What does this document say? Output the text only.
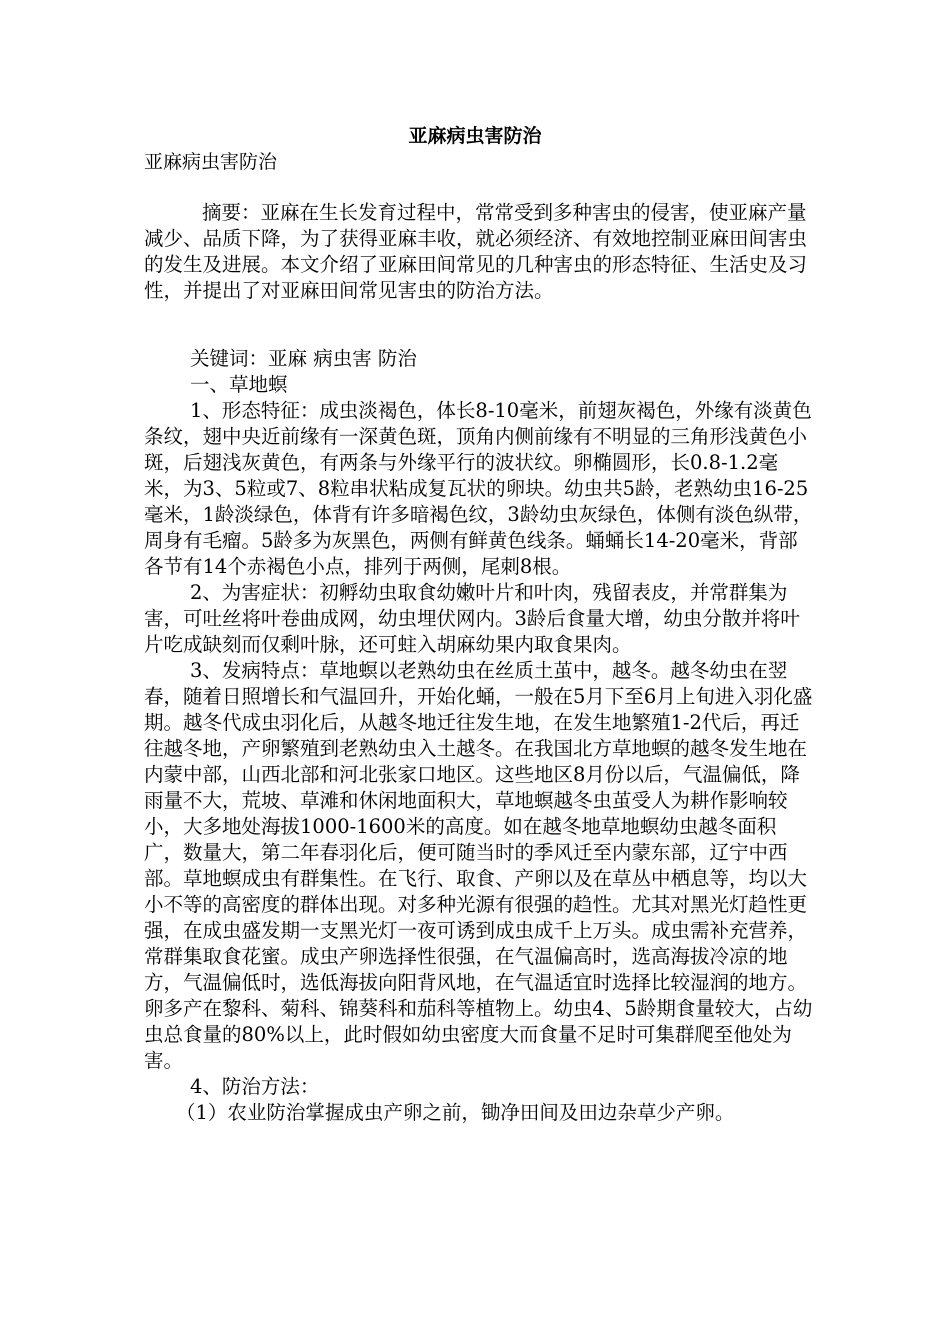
亚麻病虫害防治
亚麻病虫害防治
摘要：亚麻在生长发育过程中，常常受到多种害虫的侵害，使亚麻产量减少、品质下降，为了获得亚麻丰收，就必须经济、有效地控制亚麻田间害虫的发生及进展。本文介绍了亚麻田间常见的几种害虫的形态特征、生活史及习性，并提出了对亚麻田间常见害虫的防治方法。

关键词：亚麻 病虫害 防治

一、草地螟

1、形态特征：成虫淡褐色，体长8-10毫米，前翅灰褐色，外缘有淡黄色条纹，翅中央近前缘有一深黄色斑，顶角内侧前缘有不明显的三角形浅黄色小斑，后翅浅灰黄色，有两条与外缘平行的波状纹。卵椭圆形，长0.8-1.2毫米，为3、5粒或7、8粒串状粘成复瓦状的卵块。幼虫共5龄，老熟幼虫16-25毫米，1龄淡绿色，体背有许多暗褐色纹，3龄幼虫灰绿色，体侧有淡色纵带，周身有毛瘤。5龄多为灰黑色，两侧有鲜黄色线条。蛹蛹长14-20毫米，背部各节有14个赤褐色小点，排列于两侧，尾刺8根。

2、为害症状：初孵幼虫取食幼嫩叶片和叶肉，残留表皮，并常群集为害，可吐丝将叶卷曲成网，幼虫埋伏网内。3龄后食量大增，幼虫分散并将叶片吃成缺刻而仅剩叶脉，还可蛀入胡麻幼果内取食果肉。

3、发病特点：草地螟以老熟幼虫在丝质土茧中，越冬。越冬幼虫在翌春，随着日照增长和气温回升，开始化蛹，一般在5月下至6月上旬进入羽化盛期。越冬代成虫羽化后，从越冬地迁往发生地，在发生地繁殖1-2代后，再迁往越冬地，产卵繁殖到老熟幼虫入土越冬。在我国北方草地螟的越冬发生地在内蒙中部，山西北部和河北张家口地区。这些地区8月份以后，气温偏低，降雨量不大，荒坡、草滩和休闲地面积大，草地螟越冬虫茧受人为耕作影响较小，大多地处海拔1000-1600米的高度。如在越冬地草地螟幼虫越冬面积广，数量大，第二年春羽化后，便可随当时的季风迁至内蒙东部，辽宁中西部。草地螟成虫有群集性。在飞行、取食、产卵以及在草丛中栖息等，均以大小不等的高密度的群体出现。对多种光源有很强的趋性。尤其对黑光灯趋性更强，在成虫盛发期一支黑光灯一夜可诱到成虫成千上万头。成虫需补充营养，常群集取食花蜜。成虫产卵选择性很强，在气温偏高时，选高海拔冷凉的地方，气温偏低时，选低海拔向阳背风地，在气温适宜时选择比较湿润的地方。卵多产在黎科、菊科、锦葵科和茄科等植物上。幼虫4、5龄期食量较大，占幼虫总食量的80%以上，此时假如幼虫密度大而食量不足时可集群爬至他处为害。

4、防治方法：

（1）农业防治掌握成虫产卵之前，锄净田间及田边杂草少产卵。
